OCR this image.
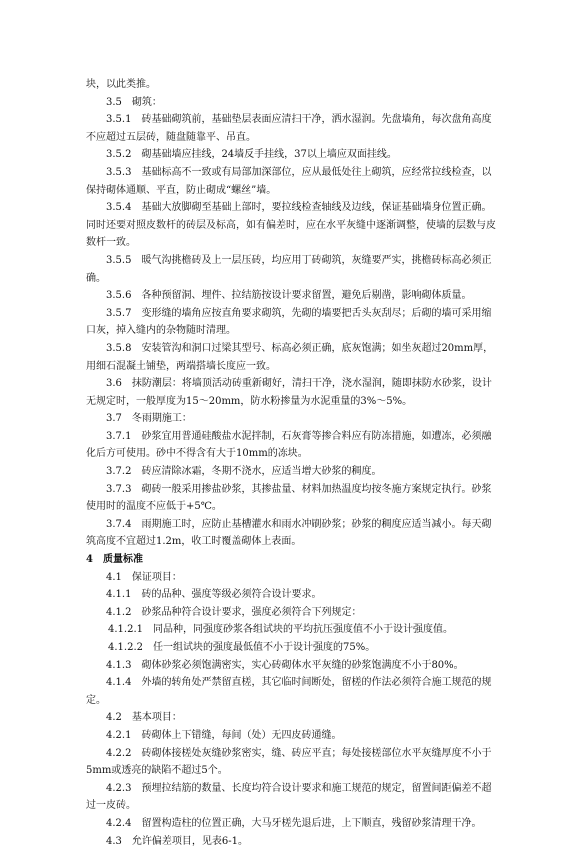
块，以此类推。

3.5　砌筑：

3.5.1　砖基础砌筑前，基础垫层表面应清扫干净，洒水湿润。先盘墙角，每次盘角高度不应超过五层砖，随盘随靠平、吊直。

3.5.2　砌基础墙应挂线，24墙反手挂线，37以上墙应双面挂线。

3.5.3　基础标高不一致或有局部加深部位，应从最低处往上砌筑，应经常拉线检查，以保持砌体通顺、平直，防止砌成“螺丝”墙。

3.5.4　基础大放脚砌至基础上部时，要拉线检查轴线及边线，保证基础墙身位置正确。同时还要对照皮数杆的砖层及标高，如有偏差时，应在水平灰缝中逐渐调整，使墙的层数与皮数杆一致。

3.5.5　暖气沟挑檐砖及上一层压砖，均应用丁砖砌筑，灰缝要严实，挑檐砖标高必须正确。

3.5.6　各种预留洞、埋件、拉结筋按设计要求留置，避免后剔凿，影响砌体质量。

3.5.7　变形缝的墙角应按直角要求砌筑，先砌的墙要把舌头灰刮尽；后砌的墙可采用缩口灰，掉入缝内的杂物随时清理。

3.5.8　安装管沟和洞口过梁其型号、标高必须正确，底灰饱满；如坐灰超过20mm厚，用细石混凝土铺垫，两端搭墙长度应一致。

3.6　抹防潮层：将墙顶活动砖重新砌好，清扫干净，浇水湿润，随即抹防水砂浆，设计无规定时，一般厚度为15～20mm，防水粉掺量为水泥重量的3%～5%。

3.7　冬雨期施工：

3.7.1　砂浆宜用普通硅酸盐水泥拌制，石灰膏等掺合料应有防冻措施，如遭冻，必须融化后方可使用。砂中不得含有大于10mm的冻块。

3.7.2　砖应清除冰霜，冬期不浇水，应适当增大砂浆的稠度。

3.7.3　砌砖一般采用掺盐砂浆，其掺盐量、材料加热温度均按冬施方案规定执行。砂浆使用时的温度不应低于+5℃。

3.7.4　雨期施工时，应防止基槽灌水和雨水冲刷砂浆；砂浆的稠度应适当减小。每天砌筑高度不宜超过1.2m，收工时覆盖砌体上表面。

4　质量标准

4.1　保证项目：

4.1.1　砖的品种、强度等级必须符合设计要求。

4.1.2　砂浆品种符合设计要求，强度必须符合下列规定：

　4.1.2.1　同品种，同强度砂浆各组试块的平均抗压强度值不小于设计强度值。

　4.1.2.2　任一组试块的强度最低值不小于设计强度的75%。

4.1.3　砌体砂浆必须饱满密实，实心砖砌体水平灰缝的砂浆饱满度不小于80%。

4.1.4　外墙的转角处严禁留直槎，其它临时间断处，留槎的作法必须符合施工规范的规定。

4.2　基本项目：

4.2.1　砖砌体上下错缝，每间（处）无四皮砖通缝。

4.2.2　砖砌体接槎处灰缝砂浆密实，缝、砖应平直；每处接槎部位水平灰缝厚度不小于5mm或透亮的缺陷不超过5个。

4.2.3　预埋拉结筋的数量、长度均符合设计要求和施工规范的规定，留置间距偏差不超过一皮砖。

4.2.4　留置构造柱的位置正确，大马牙槎先退后进，上下顺直，残留砂浆清理干净。

4.3　允许偏差项目，见表6-1。
